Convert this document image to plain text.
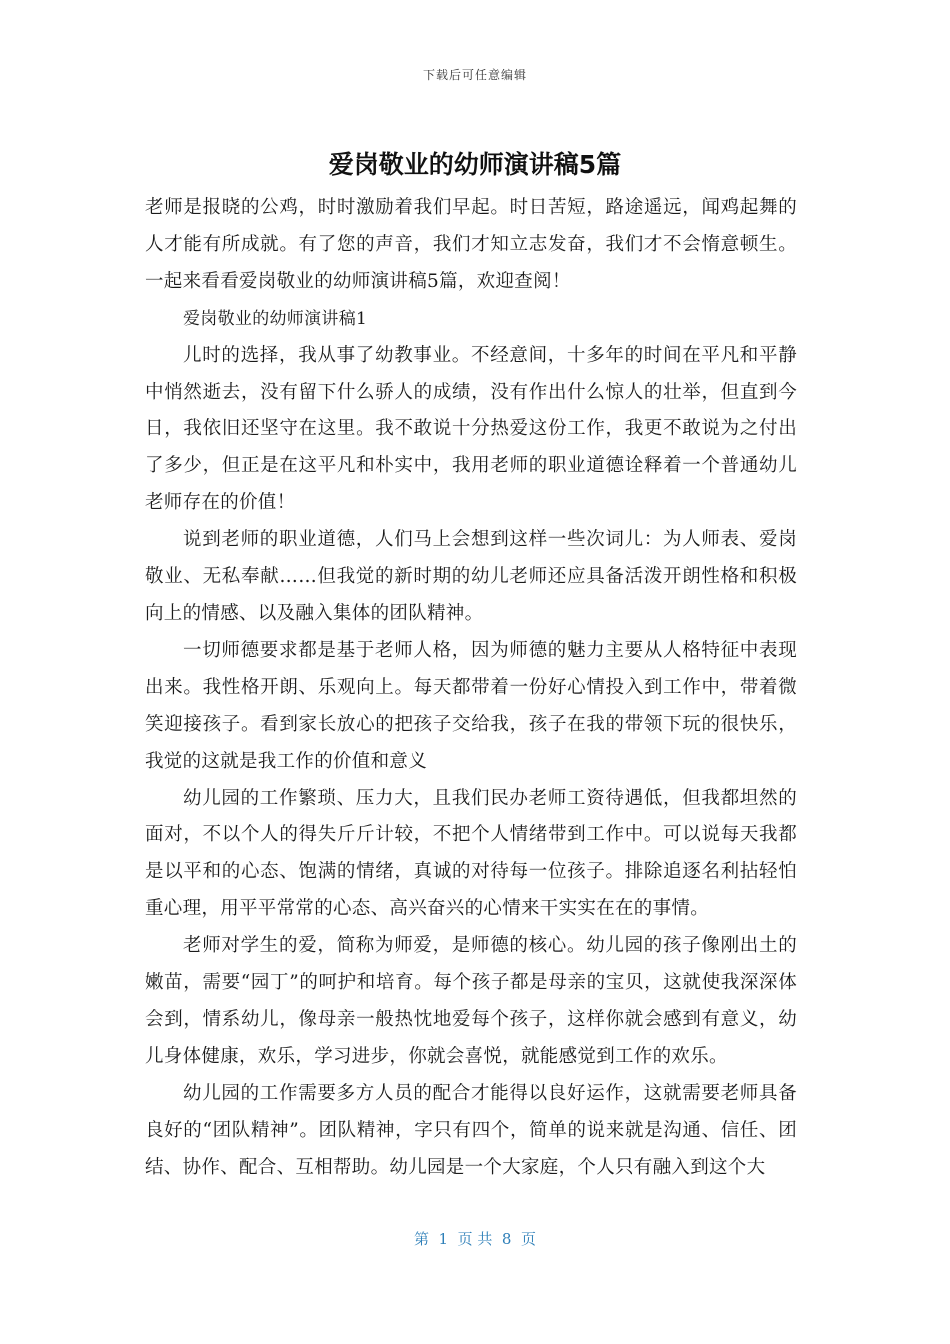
下载后可任意编辑
爱岗敬业的幼师演讲稿5篇

老师是报晓的公鸡，时时激励着我们早起。时日苦短，路途遥远，闻鸡起舞的人才能有所成就。有了您的声音，我们才知立志发奋，我们才不会惰意顿生。一起来看看爱岗敬业的幼师演讲稿5篇，欢迎查阅！

爱岗敬业的幼师演讲稿1

儿时的选择，我从事了幼教事业。不经意间，十多年的时间在平凡和平静中悄然逝去，没有留下什么骄人的成绩，没有作出什么惊人的壮举，但直到今日，我依旧还坚守在这里。我不敢说十分热爱这份工作，我更不敢说为之付出了多少，但正是在这平凡和朴实中，我用老师的职业道德诠释着一个普通幼儿老师存在的价值！

说到老师的职业道德，人们马上会想到这样一些次词儿：为人师表、爱岗敬业、无私奉献……但我觉的新时期的幼儿老师还应具备活泼开朗性格和积极向上的情感、以及融入集体的团队精神。

一切师德要求都是基于老师人格，因为师德的魅力主要从人格特征中表现出来。我性格开朗、乐观向上。每天都带着一份好心情投入到工作中，带着微笑迎接孩子。看到家长放心的把孩子交给我，孩子在我的带领下玩的很快乐，我觉的这就是我工作的价值和意义

幼儿园的工作繁琐、压力大，且我们民办老师工资待遇低，但我都坦然的面对，不以个人的得失斤斤计较，不把个人情绪带到工作中。可以说每天我都是以平和的心态、饱满的情绪，真诚的对待每一位孩子。排除追逐名利拈轻怕重心理，用平平常常的心态、高兴奋兴的心情来干实实在在的事情。

老师对学生的爱，简称为师爱，是师德的核心。幼儿园的孩子像刚出土的嫩苗，需要“园丁”的呵护和培育。每个孩子都是母亲的宝贝，这就使我深深体会到，情系幼儿，像母亲一般热忱地爱每个孩子，这样你就会感到有意义，幼儿身体健康，欢乐，学习进步，你就会喜悦，就能感觉到工作的欢乐。

幼儿园的工作需要多方人员的配合才能得以良好运作，这就需要老师具备良好的“团队精神”。团队精神，字只有四个，简单的说来就是沟通、信任、团结、协作、配合、互相帮助。幼儿园是一个大家庭，个人只有融入到这个大

第  1  页 共  8  页
